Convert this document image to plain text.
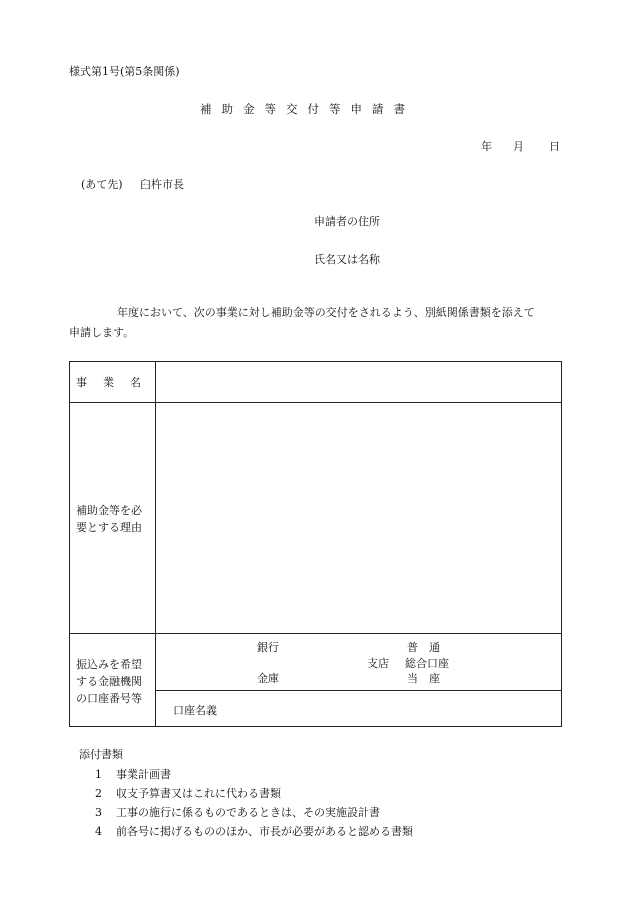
様式第1号(第5条関係)
補助金等交付等申請書
年 月 日
(あて先) 臼杵市長
申請者の住所
氏名又は名称
年度において、次の事業に対し補助金等の交付をされるよう、別紙関係書類を添えて
申請します。
事業名
補助金等を必
要とする理由
振込みを希望
する金融機関
の口座番号等
銀行	普　通
支店 総合口座
金庫	当　座
口座名義
添付書類
1 事業計画書
2 収支予算書又はこれに代わる書類
3 工事の施行に係るものであるときは、その実施設計書
4 前各号に掲げるもののほか、市長が必要があると認める書類
